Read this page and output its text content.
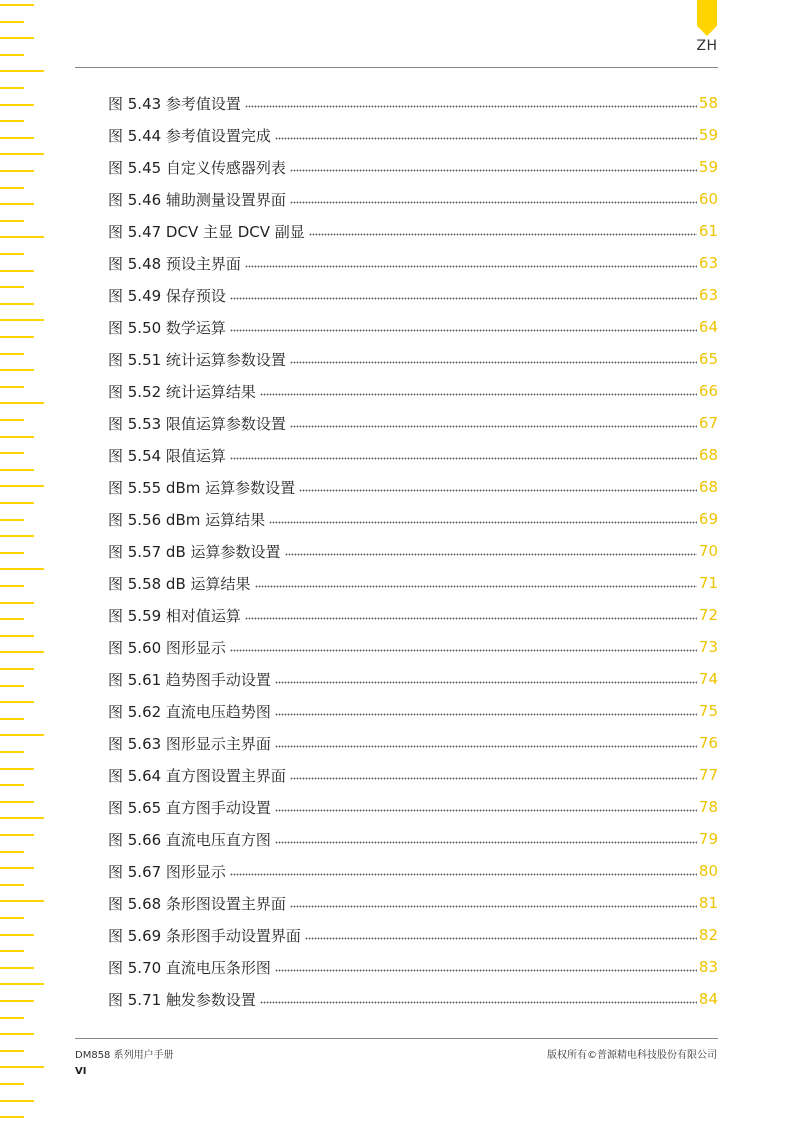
ZH
图 5.43 参考值设置	58
图 5.44 参考值设置完成	59
图 5.45 自定义传感器列表	59
图 5.46 辅助测量设置界面	60
图 5.47 DCV 主显 DCV 副显	61
图 5.48 预设主界面	63
图 5.49 保存预设	63
图 5.50 数学运算	64
图 5.51 统计运算参数设置	65
图 5.52 统计运算结果	66
图 5.53 限值运算参数设置	67
图 5.54 限值运算	68
图 5.55 dBm 运算参数设置	68
图 5.56 dBm 运算结果	69
图 5.57 dB 运算参数设置	70
图 5.58 dB 运算结果	71
图 5.59 相对值运算	72
图 5.60 图形显示	73
图 5.61 趋势图手动设置	74
图 5.62 直流电压趋势图	75
图 5.63 图形显示主界面	76
图 5.64 直方图设置主界面	77
图 5.65 直方图手动设置	78
图 5.66 直流电压直方图	79
图 5.67 图形显示	80
图 5.68 条形图设置主界面	81
图 5.69 条形图手动设置界面	82
图 5.70 直流电压条形图	83
图 5.71 触发参数设置	84
DM858 系列用户手册	版权所有©普源精电科技股份有限公司
VI
